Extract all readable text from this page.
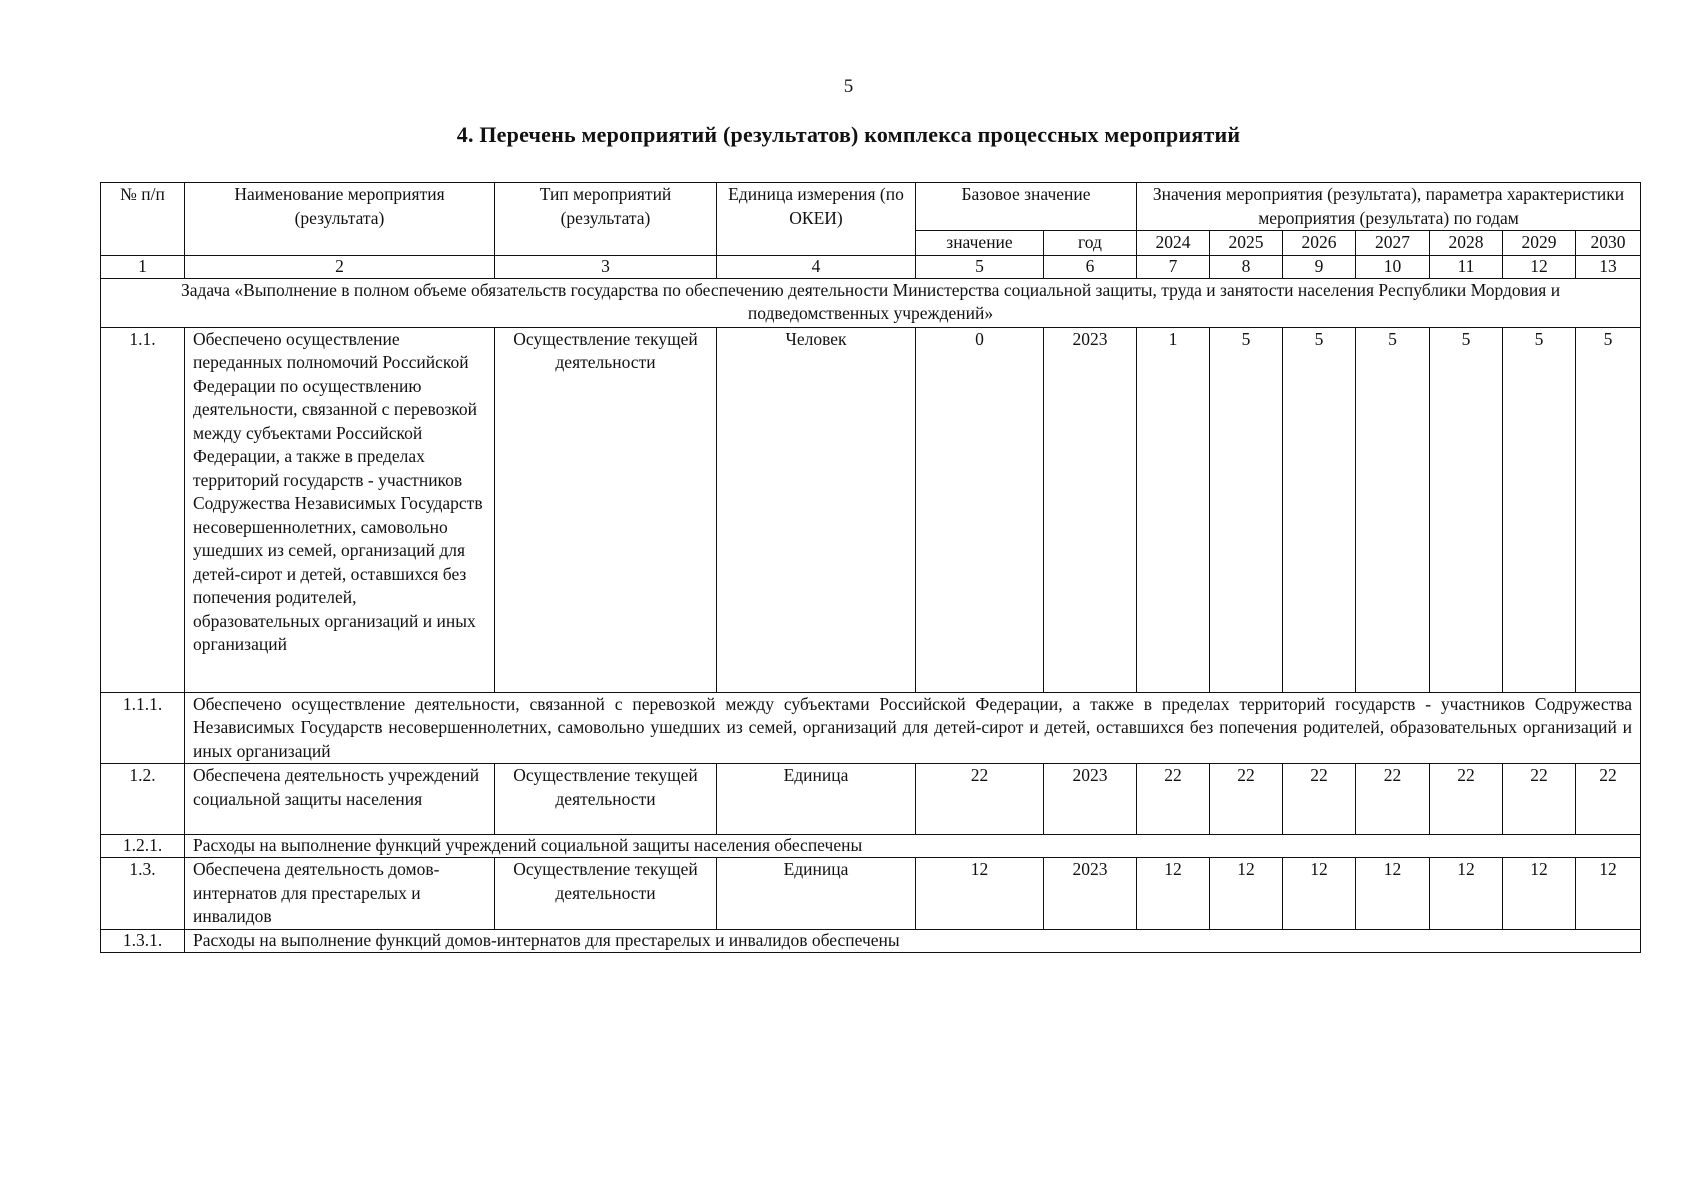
5
4. Перечень мероприятий (результатов) комплекса процессных мероприятий
№ п/п	Наименование мероприятия (результата)	Тип мероприятий (результата)	Единица измерения (по ОКЕИ)	Базовое значение		Значения мероприятия (результата), параметра характеристики мероприятия (результата) по годам						
				значение	год	2024	2025	2026	2027	2028	2029	2030
1	2	3	4	5	6	7	8	9	10	11	12	13
Задача «Выполнение в полном объеме обязательств государства по обеспечению деятельности Министерства социальной защиты, труда и занятости населения Республики Мордовия и подведомственных учреждений»												
1.1.	Обеспечено осуществление переданных полномочий Российской Федерации по осуществлению деятельности, связанной с перевозкой между субъектами Российской Федерации, а также в пределах территорий государств - участников Содружества Независимых Государств несовершеннолетних, самовольно ушедших из семей, организаций для детей-сирот и детей, оставшихся без попечения родителей, образовательных организаций и иных организаций	Осуществление текущей деятельности	Человек	0	2023	1	5	5	5	5	5	5
1.1.1.	Обеспечено осуществление деятельности, связанной с перевозкой между субъектами Российской Федерации, а также в пределах территорий государств - участников Содружества Независимых Государств несовершеннолетних, самовольно ушедших из семей, организаций для детей-сирот и детей, оставшихся без попечения родителей, образовательных организаций и иных организаций											
1.2.	Обеспечена деятельность учреждений социальной защиты населения	Осуществление текущей деятельности	Единица	22	2023	22	22	22	22	22	22	22
1.2.1.	Расходы на выполнение функций учреждений социальной защиты населения обеспечены											
1.3.	Обеспечена деятельность домов-интернатов для престарелых и инвалидов	Осуществление текущей деятельности	Единица	12	2023	12	12	12	12	12	12	12
1.3.1.	Расходы на выполнение функций домов-интернатов для престарелых и инвалидов обеспечены											
